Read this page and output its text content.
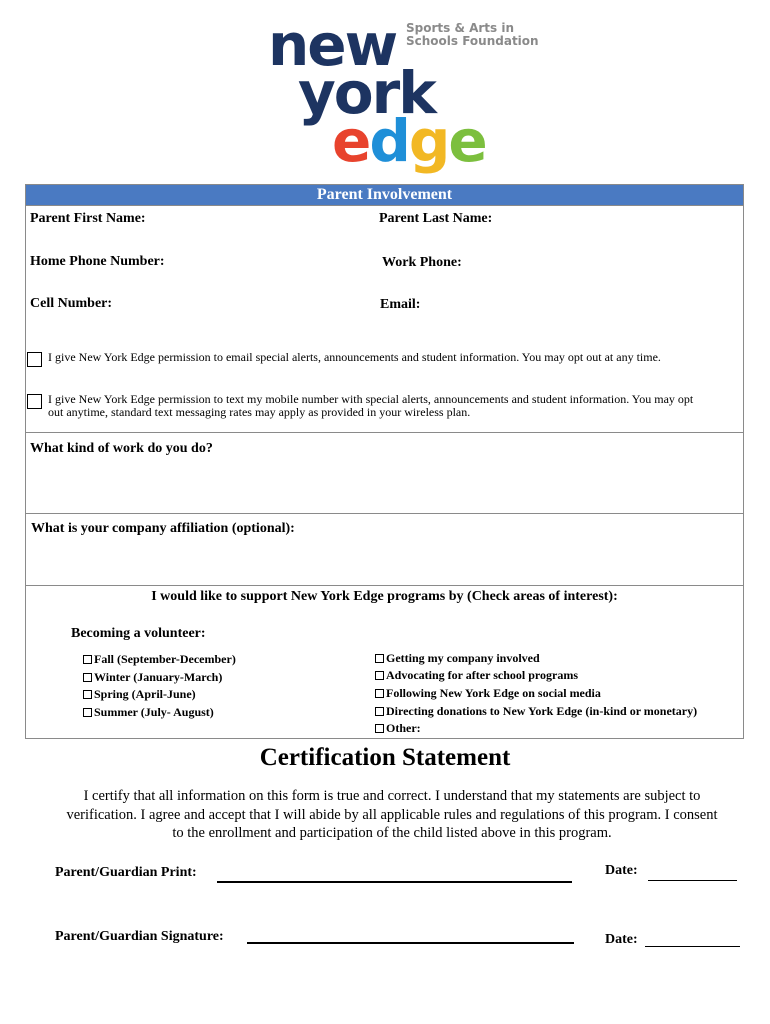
new
york
edge
Sports & Arts in
Schools Foundation
Parent Involvement
Parent First Name:	Parent Last Name:
Home Phone Number:	Work Phone:
Cell Number:	Email:
I give New York Edge permission to email special alerts, announcements and student information. You may opt out at any time.
I give New York Edge permission to text my mobile number with special alerts, announcements and student information. You may opt out anytime, standard text messaging rates may apply as provided in your wireless plan.
What kind of work do you do?
What is your company affiliation (optional):
I would like to support New York Edge programs by (Check areas of interest):
Becoming a volunteer:
Fall (September-December)
Winter (January-March)
Spring (April-June)
Summer (July- August)
Getting my company involved
Advocating for after school programs
Following New York Edge on social media
Directing donations to New York Edge (in-kind or monetary)
Other:
Certification Statement
I certify that all information on this form is true and correct. I understand that my statements are subject to verification. I agree and accept that I will abide by all applicable rules and regulations of this program. I consent to the enrollment and participation of the child listed above in this program.
Parent/Guardian Print:	Date:
Parent/Guardian Signature:	Date:
